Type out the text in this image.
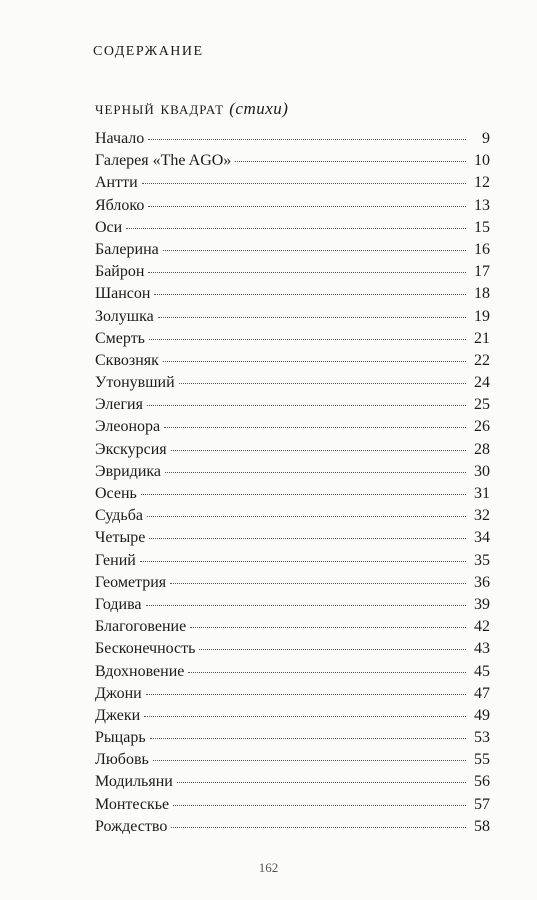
содержание
черный квадрат (стихи)
Начало	9
Галерея «The AGO»	10
Антти	12
Яблоко	13
Оси	15
Балерина	16
Байрон	17
Шансон	18
Золушка	19
Смерть	21
Сквозняк	22
Утонувший	24
Элегия	25
Элеонора	26
Экскурсия	28
Эвридика	30
Осень	31
Судьба	32
Четыре	34
Гений	35
Геометрия	36
Годива	39
Благоговение	42
Бесконечность	43
Вдохновение	45
Джони	47
Джеки	49
Рыцарь	53
Любовь	55
Модильяни	56
Монтескье	57
Рождество	58
162
